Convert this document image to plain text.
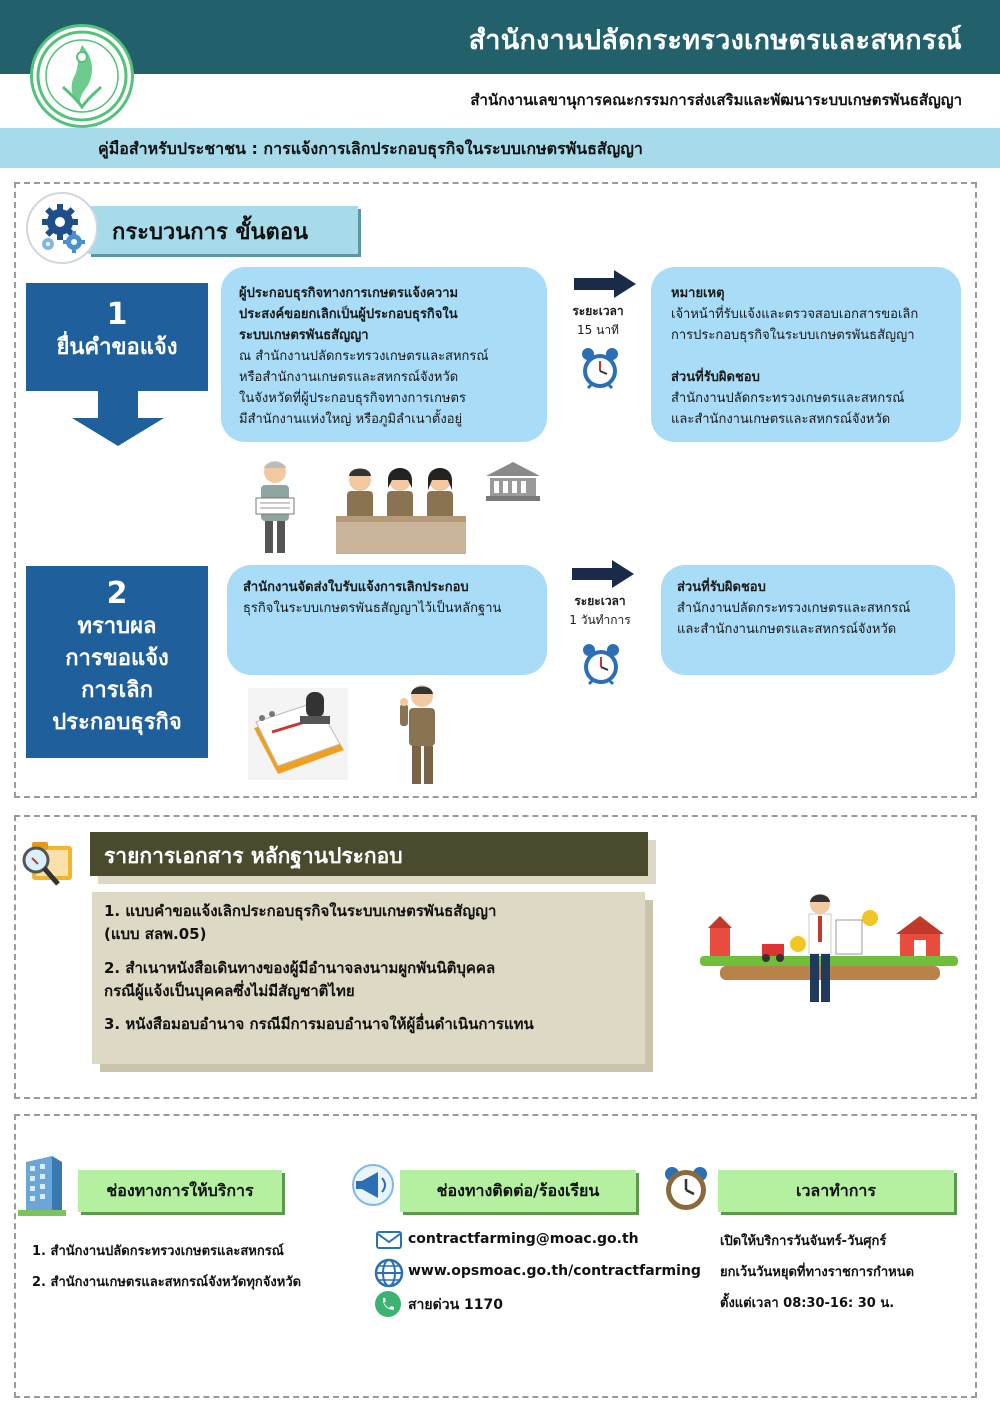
สำนักงานปลัดกระทรวงเกษตรและสหกรณ์
สำนักงานเลขานุการคณะกรรมการส่งเสริมและพัฒนาระบบเกษตรพันธสัญญา
คู่มือสำหรับประชาชน : การแจ้งการเลิกประกอบธุรกิจในระบบเกษตรพันธสัญญา
กระบวนการ ขั้นตอน
1
ยื่นคำขอแจ้ง
ผู้ประกอบธุรกิจทางการเกษตรแจ้งความ
ประสงค์ขอยกเลิกเป็นผู้ประกอบธุรกิจใน
ระบบเกษตรพันธสัญญา
ณ สำนักงานปลัดกระทรวงเกษตรและสหกรณ์
หรือสำนักงานเกษตรและสหกรณ์จังหวัด
ในจังหวัดที่ผู้ประกอบธุรกิจทางการเกษตร
มีสำนักงานแห่งใหญ่ หรือภูมิลำเนาตั้งอยู่
ระยะเวลา
15 นาที
หมายเหตุ
เจ้าหน้าที่รับแจ้งและตรวจสอบเอกสารขอเลิก
การประกอบธุรกิจในระบบเกษตรพันธสัญญา
ส่วนที่รับผิดชอบ
สำนักงานปลัดกระทรวงเกษตรและสหกรณ์
และสำนักงานเกษตรและสหกรณ์จังหวัด
2
ทราบผล
การขอแจ้ง
การเลิก
ประกอบธุรกิจ
สำนักงานจัดส่งใบรับแจ้งการเลิกประกอบ
ธุรกิจในระบบเกษตรพันธสัญญาไว้เป็นหลักฐาน	ระยะเวลา
1 วันทำการ
ส่วนที่รับผิดชอบ
สำนักงานปลัดกระทรวงเกษตรและสหกรณ์
และสำนักงานเกษตรและสหกรณ์จังหวัด
รายการเอกสาร หลักฐานประกอบ
1. แบบคำขอแจ้งเลิกประกอบธุรกิจในระบบเกษตรพันธสัญญา
(แบบ สลพ.05)
2. สำเนาหนังสือเดินทางของผู้มีอำนาจลงนามผูกพันนิติบุคคล
กรณีผู้แจ้งเป็นบุคคลซึ่งไม่มีสัญชาติไทย
3. หนังสือมอบอำนาจ กรณีมีการมอบอำนาจให้ผู้อื่นดำเนินการแทน
ช่องทางการให้บริการ
1. สำนักงานปลัดกระทรวงเกษตรและสหกรณ์
2. สำนักงานเกษตรและสหกรณ์จังหวัดทุกจังหวัด
ช่องทางติดต่อ/ร้องเรียน
contractfarming@moac.go.th
www.opsmoac.go.th/contractfarming
สายด่วน 1170
เวลาทำการ
เปิดให้บริการวันจันทร์-วันศุกร์
ยกเว้นวันหยุดที่ทางราชการกำหนด
ตั้งแต่เวลา 08:30-16: 30 น.
